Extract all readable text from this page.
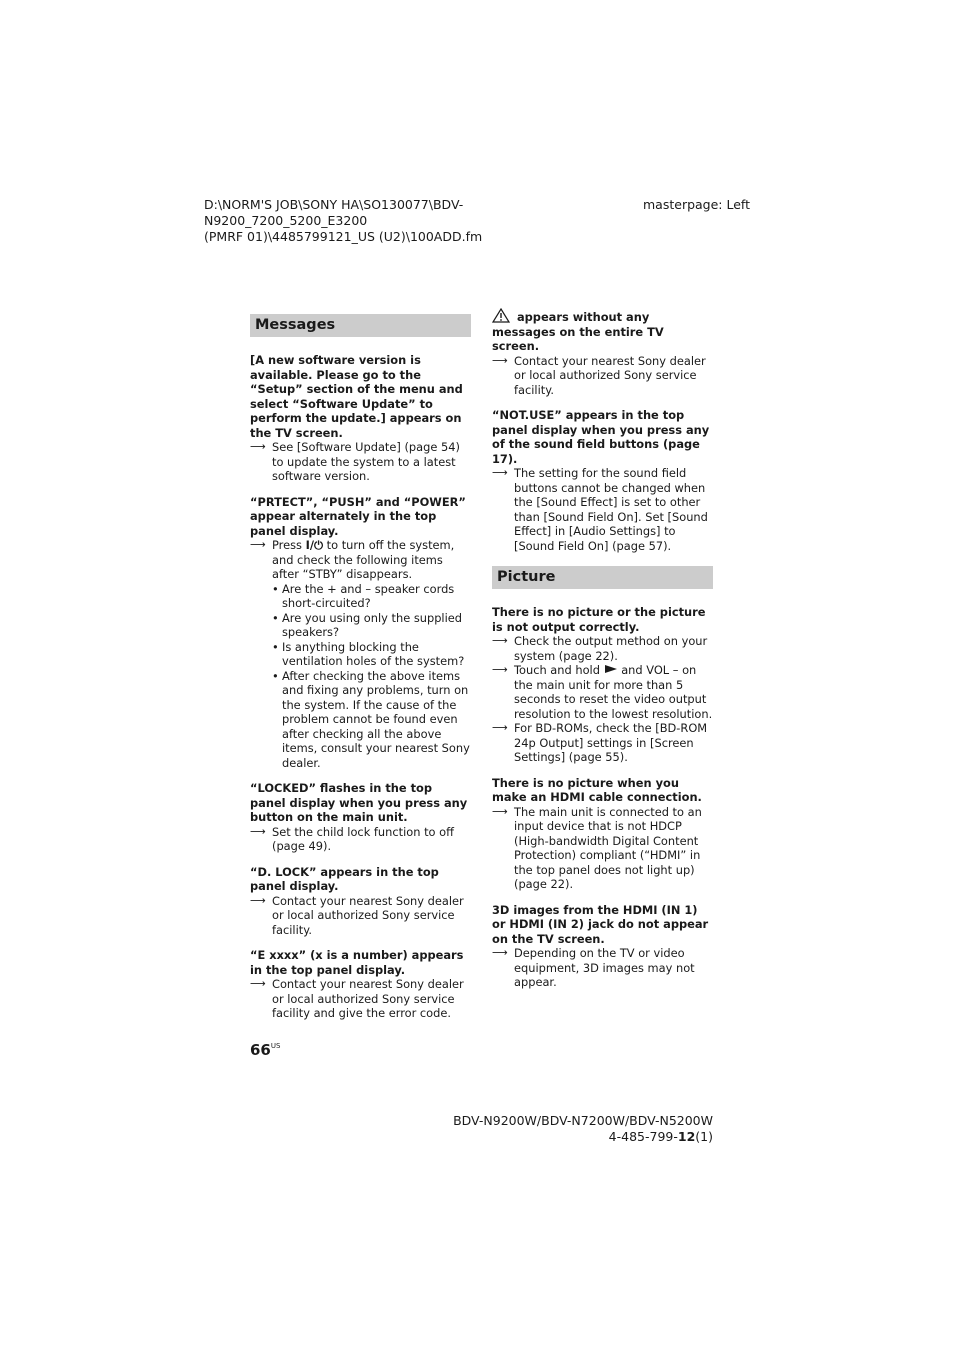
D:\NORM'S JOB\SONY HA\SO130077\BDV-N9200_7200_5200_E3200
(PMRF 01)\4485799121_US (U2)\100ADD.fm
masterpage: Left
Messages

[A new software version is available. Please go to the “Setup” section of the menu and select “Software Update” to perform the update.] appears on the TV screen.

⟶ See [Software Update] (page 54) to update the system to a latest software version.

“PRTECT”, “PUSH” and “POWER” appear alternately in the top panel display.

⟶ Press I/⏻ to turn off the system, and check the following items after “STBY” disappears.

• Are the + and – speaker cords short-circuited?

• Are you using only the supplied speakers?

• Is anything blocking the ventilation holes of the system?

• After checking the above items and fixing any problems, turn on the system. If the cause of the problem cannot be found even after checking all the above items, consult your nearest Sony dealer.

“LOCKED” flashes in the top panel display when you press any button on the main unit.

⟶ Set the child lock function to off (page 49).

“D. LOCK” appears in the top panel display.

⟶ Contact your nearest Sony dealer or local authorized Sony service facility.

“E xxxx” (x is a number) appears in the top panel display.

⟶ Contact your nearest Sony dealer or local authorized Sony service facility and give the error code.

appears without any messages on the entire TV screen.

⟶ Contact your nearest Sony dealer or local authorized Sony service facility.

“NOT.USE” appears in the top panel display when you press any of the sound field buttons (page 17).

⟶ The setting for the sound field buttons cannot be changed when the [Sound Effect] is set to other than [Sound Field On]. Set [Sound Effect] in [Audio Settings] to [Sound Field On] (page 57).

Picture

There is no picture or the picture is not output correctly.

⟶ Check the output method on your system (page 22).

⟶ Touch and hold  and VOL – on the main unit for more than 5 seconds to reset the video output resolution to the lowest resolution.

⟶ For BD-ROMs, check the [BD-ROM 24p Output] settings in [Screen Settings] (page 55).

There is no picture when you make an HDMI cable connection.

⟶ The main unit is connected to an input device that is not HDCP (High-bandwidth Digital Content Protection) compliant (“HDMI” in the top panel does not light up) (page 22).

3D images from the HDMI (IN 1) or HDMI (IN 2) jack do not appear on the TV screen.

⟶ Depending on the TV or video equipment, 3D images may not appear.

$66^{US}$
BDV-N9200W/BDV-N7200W/BDV-N5200W
4-485-799-12(1)
